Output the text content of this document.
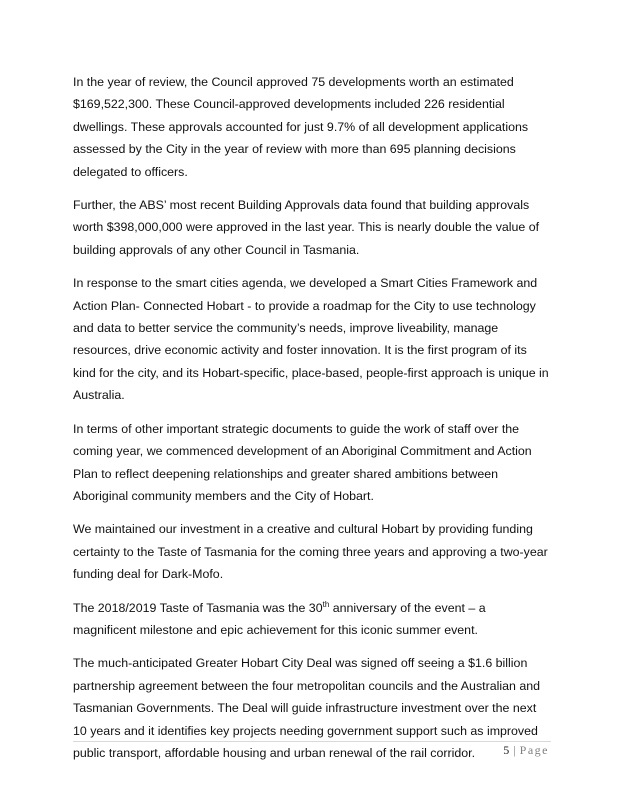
In the year of review, the Council approved 75 developments worth an estimated $169,522,300. These Council-approved developments included 226 residential dwellings. These approvals accounted for just 9.7% of all development applications assessed by the City in the year of review with more than 695 planning decisions delegated to officers.

Further, the ABS’ most recent Building Approvals data found that building approvals worth $398,000,000 were approved in the last year. This is nearly double the value of building approvals of any other Council in Tasmania.

In response to the smart cities agenda, we developed a Smart Cities Framework and Action Plan- Connected Hobart - to provide a roadmap for the City to use technology and data to better service the community’s needs, improve liveability, manage resources, drive economic activity and foster innovation. It is the first program of its kind for the city, and its Hobart-specific, place-based, people-first approach is unique in Australia.

In terms of other important strategic documents to guide the work of staff over the coming year, we commenced development of an Aboriginal Commitment and Action Plan to reflect deepening relationships and greater shared ambitions between Aboriginal community members and the City of Hobart.

We maintained our investment in a creative and cultural Hobart by providing funding certainty to the Taste of Tasmania for the coming three years and approving a two-year funding deal for Dark-Mofo.

The 2018/2019 Taste of Tasmania was the 30th anniversary of the event – a magnificent milestone and epic achievement for this iconic summer event.

The much-anticipated Greater Hobart City Deal was signed off seeing a $1.6 billion partnership agreement between the four metropolitan councils and the Australian and Tasmanian Governments. The Deal will guide infrastructure investment over the next 10 years and it identifies key projects needing government support such as improved public transport, affordable housing and urban renewal of the rail corridor.	5 | Page
